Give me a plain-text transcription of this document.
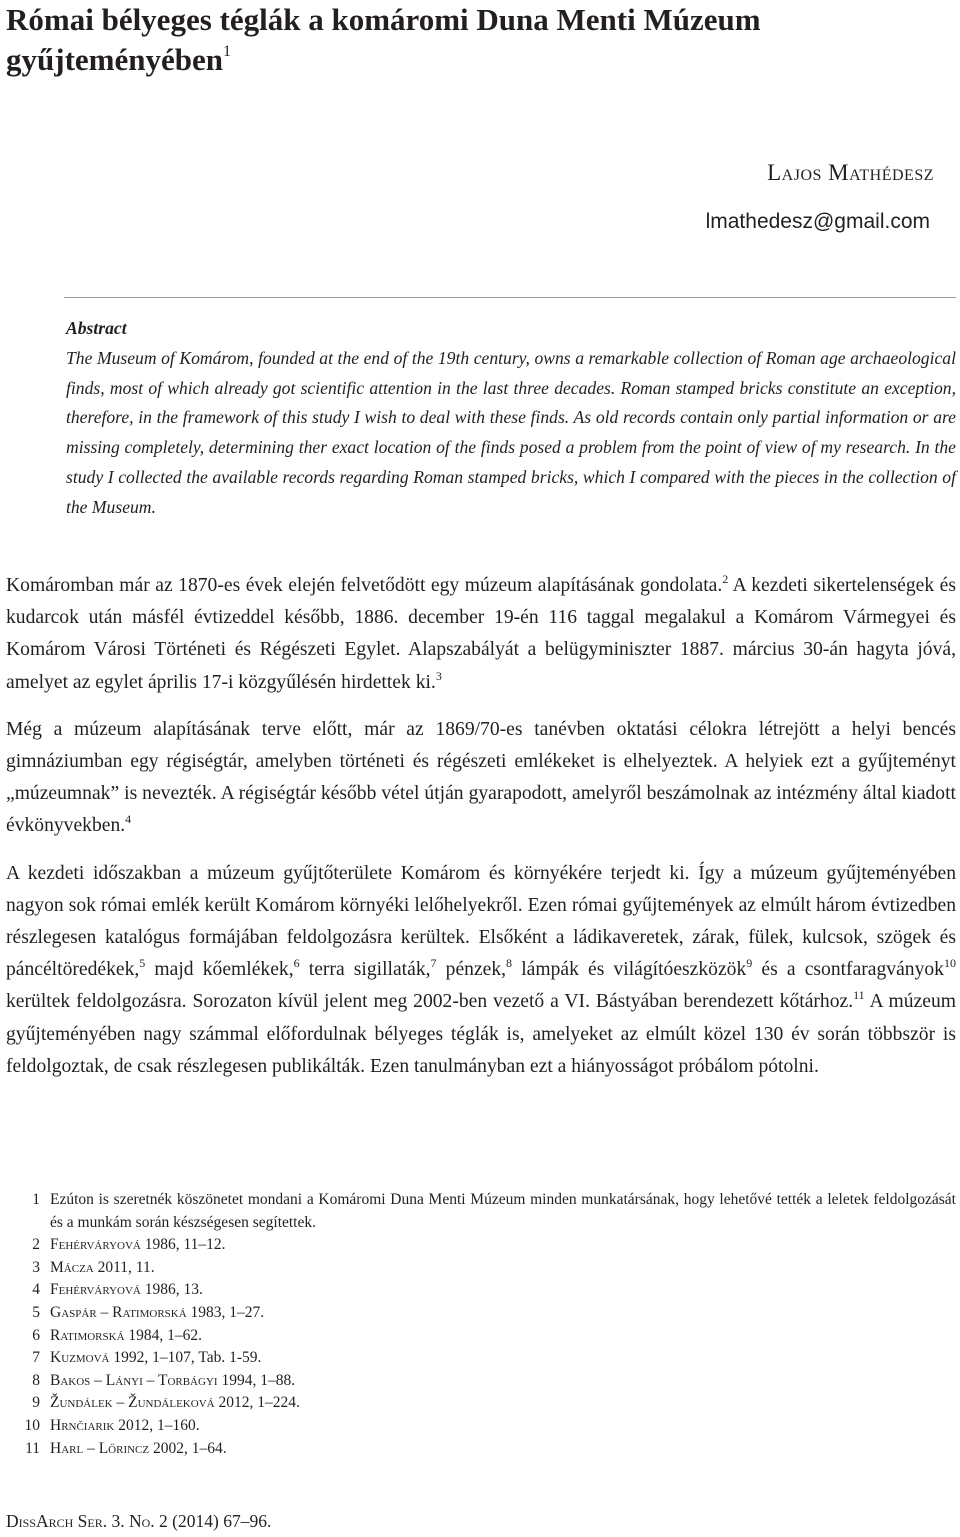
Római bélyeges téglák a komáromi Duna Menti Múzeum
gyűjteményében$^1$

Lajos Mathédesz

lmathedesz@gmail.com

Abstract

The Museum of Komárom, founded at the end of the 19th century, owns a remarkable collection of Roman age archaeological finds, most of which already got scientific attention in the last three decades. Roman stamped bricks constitute an exception, therefore, in the framework of this study I wish to deal with these finds. As old records contain only partial information or are missing completely, determining ther exact location of the finds posed a problem from the point of view of my research. In the study I collected the available records regarding Roman stamped bricks, which I compared with the pieces in the collection of the Museum.

Komáromban már az 1870-es évek elején felvetődött egy múzeum alapításának gondolata.$^2$ A kezdeti sikertelenségek és kudarcok után másfél évtizeddel később, 1886. december 19-én 116 taggal megalakul a Komárom Vármegyei és Komárom Városi Történeti és Régészeti Egylet. Alapszabályát a belügyminiszter 1887. március 30-án hagyta jóvá, amelyet az egylet április 17-i közgyűlésén hirdettek ki.$^3$

Még a múzeum alapításának terve előtt, már az 1869/70-es tanévben oktatási célokra létrejött a helyi bencés gimnáziumban egy régiségtár, amelyben történeti és régészeti emlékeket is elhelyeztek. A helyiek ezt a gyűjteményt „múzeumnak” is nevezték. A régiségtár később vétel útján gyarapodott, amelyről beszámolnak az intézmény által kiadott évkönyvekben.$^4$

A kezdeti időszakban a múzeum gyűjtőterülete Komárom és környékére terjedt ki. Így a múzeum gyűjteményében nagyon sok római emlék került Komárom környéki lelőhelyekről. Ezen római gyűjtemények az elmúlt három évtizedben részlegesen katalógus formájában feldolgozásra kerültek. Elsőként a ládikaveretek, zárak, fülek, kulcsok, szögek és páncéltöredékek,$^5$ majd kőemlékek,$^6$ terra sigillaták,$^7$ pénzek,$^8$ lámpák és világítóeszközök$^9$ és a csontfaragványok$^{10}$ kerültek feldolgozásra. Sorozaton kívül jelent meg 2002-ben vezető a VI. Bástyában berendezett kőtárhoz.$^{11}$ A múzeum gyűjteményében nagy számmal előfordulnak bélyeges téglák is, amelyeket az elmúlt közel 130 év során többször is feldolgoztak, de csak részlegesen publikálták. Ezen tanulmányban ezt a hiányosságot próbálom pótolni.

1 Ezúton is szeretnék köszönetet mondani a Komáromi Duna Menti Múzeum minden munkatársának, hogy lehetővé tették a leletek feldolgozását és a munkám során készségesen segítettek.
2 Fehérváryová 1986, 11–12.
3 Mácza 2011, 11.
4 Fehérváryová 1986, 13.
5 Gaspár – Ratimorská 1983, 1–27.
6 Ratimorská 1984, 1–62.
7 Kuzmová 1992, 1–107, Tab. 1-59.
8 Bakos – Lányi – Torbágyi 1994, 1–88.
9 Žundálek – Žundáleková 2012, 1–224.
10 Hrnčiarik 2012, 1–160.
11 Harl – Lőrincz 2002, 1–64.

DissArch Ser. 3. No. 2 (2014) 67–96.
